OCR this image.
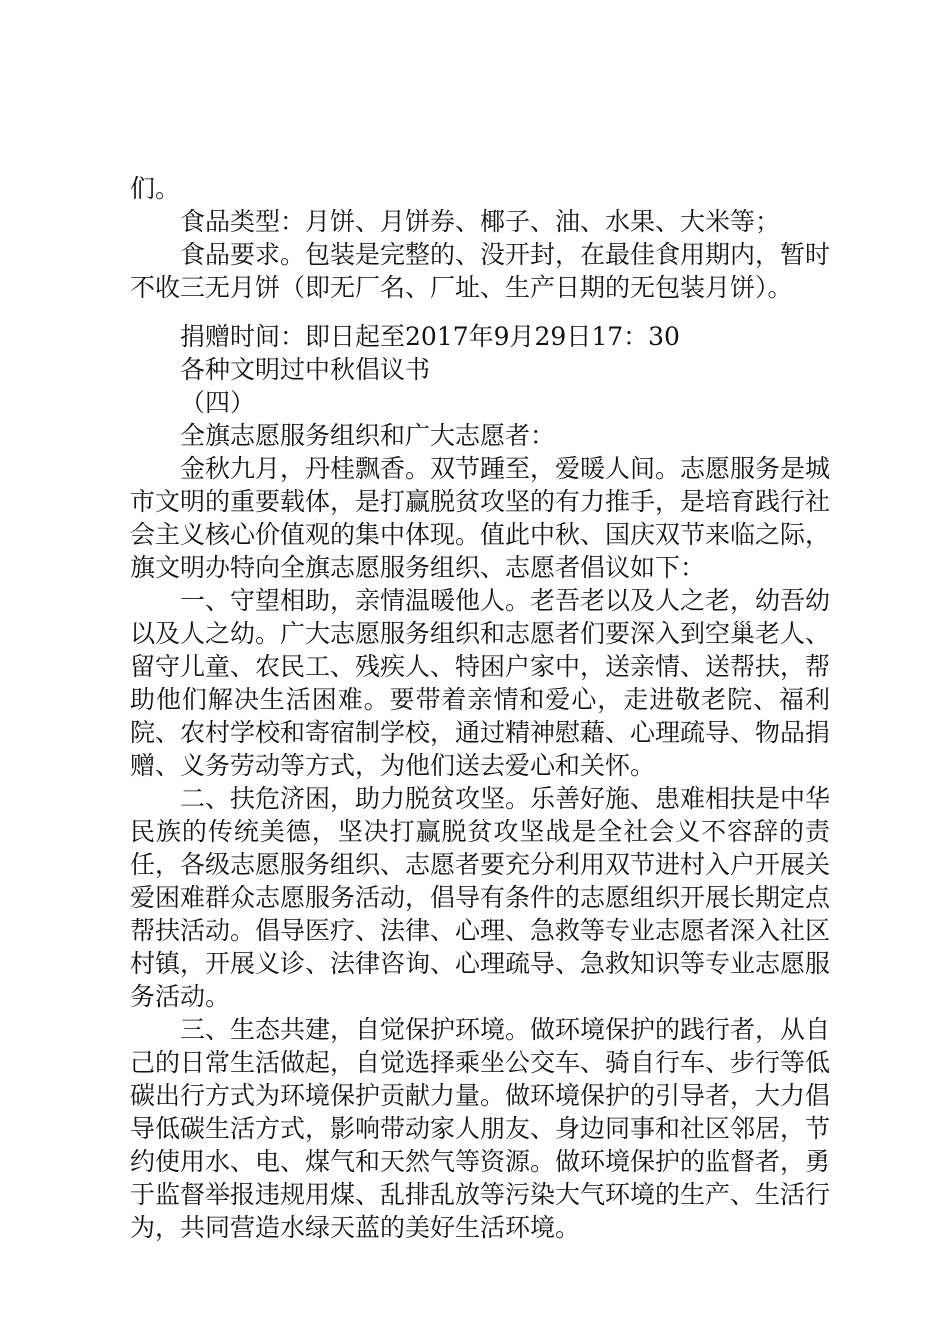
们。

食品类型：月饼、月饼券、椰子、油、水果、大米等；

食品要求。包装是完整的、没开封，在最佳食用期内，暂时不收三无月饼（即无厂名、厂址、生产日期的无包装月饼）。

捐赠时间：即日起至2017年9月29日17：30

各种文明过中秋倡议书

（四）

全旗志愿服务组织和广大志愿者：

金秋九月，丹桂飘香。双节踵至，爱暖人间。志愿服务是城市文明的重要载体，是打赢脱贫攻坚的有力推手，是培育践行社会主义核心价值观的集中体现。值此中秋、国庆双节来临之际，旗文明办特向全旗志愿服务组织、志愿者倡议如下：

一、守望相助，亲情温暖他人。老吾老以及人之老，幼吾幼以及人之幼。广大志愿服务组织和志愿者们要深入到空巢老人、留守儿童、农民工、残疾人、特困户家中，送亲情、送帮扶，帮助他们解决生活困难。要带着亲情和爱心，走进敬老院、福利院、农村学校和寄宿制学校，通过精神慰藉、心理疏导、物品捐赠、义务劳动等方式，为他们送去爱心和关怀。

二、扶危济困，助力脱贫攻坚。乐善好施、患难相扶是中华民族的传统美德，坚决打赢脱贫攻坚战是全社会义不容辞的责任，各级志愿服务组织、志愿者要充分利用双节进村入户开展关爱困难群众志愿服务活动，倡导有条件的志愿组织开展长期定点帮扶活动。倡导医疗、法律、心理、急救等专业志愿者深入社区村镇，开展义诊、法律咨询、心理疏导、急救知识等专业志愿服务活动。

三、生态共建，自觉保护环境。做环境保护的践行者，从自己的日常生活做起，自觉选择乘坐公交车、骑自行车、步行等低碳出行方式为环境保护贡献力量。做环境保护的引导者，大力倡导低碳生活方式，影响带动家人朋友、身边同事和社区邻居，节约使用水、电、煤气和天然气等资源。做环境保护的监督者，勇于监督举报违规用煤、乱排乱放等污染大气环境的生产、生活行为，共同营造水绿天蓝的美好生活环境。
